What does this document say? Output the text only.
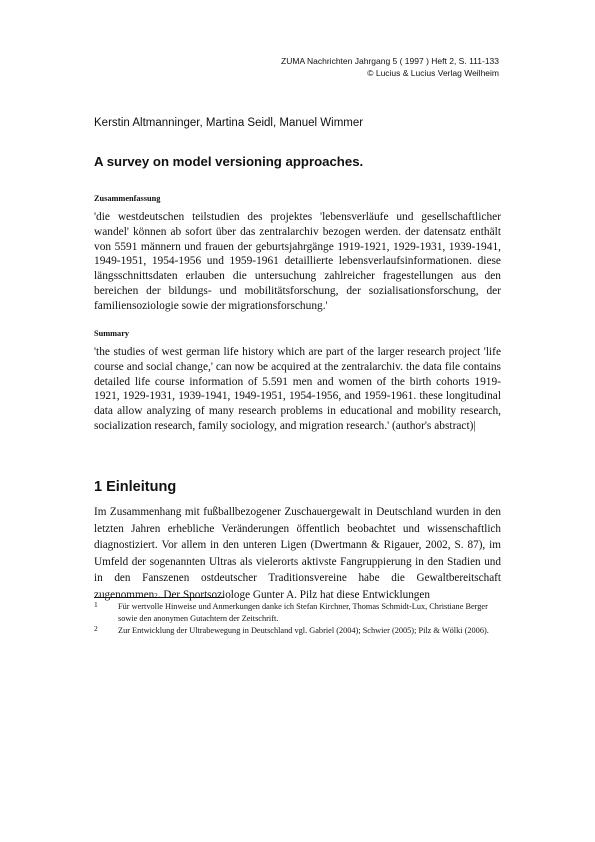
ZUMA Nachrichten Jahrgang 5 ( 1997 ) Heft 2, S. 111-133
© Lucius & Lucius Verlag Weilheim
Kerstin Altmanninger, Martina Seidl, Manuel Wimmer
A survey on model versioning approaches.
Zusammenfassung

'die westdeutschen teilstudien des projektes 'lebensverläufe und gesellschaftlicher wandel' können ab sofort über das zentralarchiv bezogen werden. der datensatz enthält von 5591 männern und frauen der geburtsjahrgänge 1919-1921, 1929-1931, 1939-1941, 1949-1951, 1954-1956 und 1959-1961 detaillierte lebensverlaufsinformationen. diese längsschnittsdaten erlauben die untersuchung zahlreicher fragestellungen aus den bereichen der bildungs- und mobilitätsforschung, der sozialisationsforschung, der familiensoziologie sowie der migrationsforschung.'

Summary

'the studies of west german life history which are part of the larger research project 'life course and social change,' can now be acquired at the zentralarchiv. the data file contains detailed life course information of 5.591 men and women of the birth cohorts 1919-1921, 1929-1931, 1939-1941, 1949-1951, 1954-1956, and 1959-1961. these longitudinal data allow analyzing of many research problems in educational and mobility research, socialization research, family sociology, and migration research.' (author's abstract)|

1 Einleitung

Im Zusammenhang mit fußballbezogener Zuschauergewalt in Deutschland wurden in den letzten Jahren erhebliche Veränderungen öffentlich beobachtet und wissenschaftlich diagnostiziert. Vor allem in den unteren Ligen (Dwertmann & Rigauer, 2002, S. 87), im Umfeld der sogenannten Ultras als vielerorts aktivste Fangruppierung in den Stadien und in den Fanszenen ostdeutscher Traditionsvereine habe die Gewaltbereitschaft zugenommen2. Der Sportsoziologe Gunter A. Pilz hat diese Entwicklungen

1 Für wertvolle Hinweise und Anmerkungen danke ich Stefan Kirchner, Thomas Schmidt-Lux, Christiane Berger sowie den anonymen Gutachtern der Zeitschrift.

2 Zur Entwicklung der Ultrabewegung in Deutschland vgl. Gabriel (2004); Schwier (2005); Pilz & Wölki (2006).
